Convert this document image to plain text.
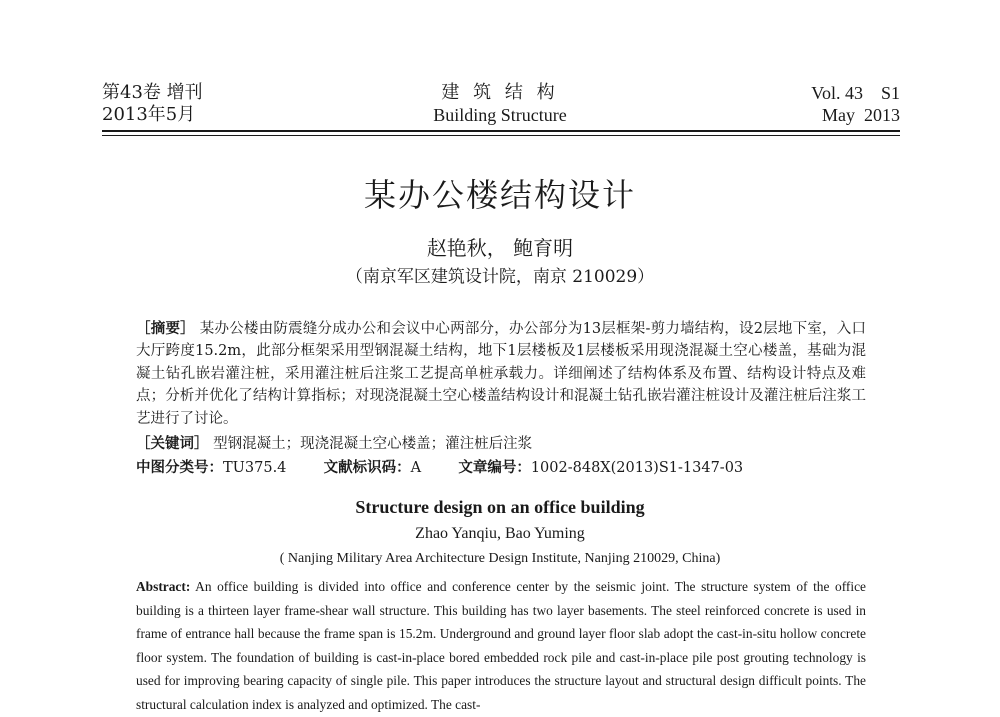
第43卷 增刊
2013年5月
建 筑 结 构
Building Structure
Vol. 43    S1
May  2013
某办公楼结构设计
赵艳秋， 鲍育明
（南京军区建筑设计院，南京 210029）
［摘要］ 某办公楼由防震缝分成办公和会议中心两部分，办公部分为13层框架-剪力墙结构，设2层地下室，入口大厅跨度15.2m，此部分框架采用型钢混凝土结构，地下1层楼板及1层楼板采用现浇混凝土空心楼盖，基础为混凝土钻孔嵌岩灌注桩，采用灌注桩后注浆工艺提高单桩承载力。详细阐述了结构体系及布置、结构设计特点及难点；分析并优化了结构计算指标；对现浇混凝土空心楼盖结构设计和混凝土钻孔嵌岩灌注桩设计及灌注桩后注浆工艺进行了讨论。
［关键词］ 型钢混凝土；现浇混凝土空心楼盖；灌注桩后注浆
中图分类号：TU375.4	文献标识码：A	文章编号：1002-848X(2013)S1-1347-03
Structure design on an office building
Zhao Yanqiu, Bao Yuming
( Nanjing Military Area Architecture Design Institute, Nanjing 210029, China)
Abstract: An office building is divided into office and conference center by the seismic joint. The structure system of the office building is a thirteen layer frame-shear wall structure. This building has two layer basements. The steel reinforced concrete is used in frame of entrance hall because the frame span is 15.2m. Underground and ground layer floor slab adopt the cast-in-situ hollow concrete floor system. The foundation of building is cast-in-place bored embedded rock pile and cast-in-place pile post grouting technology is used for improving bearing capacity of single pile. This paper introduces the structure layout and structural design difficult points. The structural calculation index is analyzed and optimized. The cast-
